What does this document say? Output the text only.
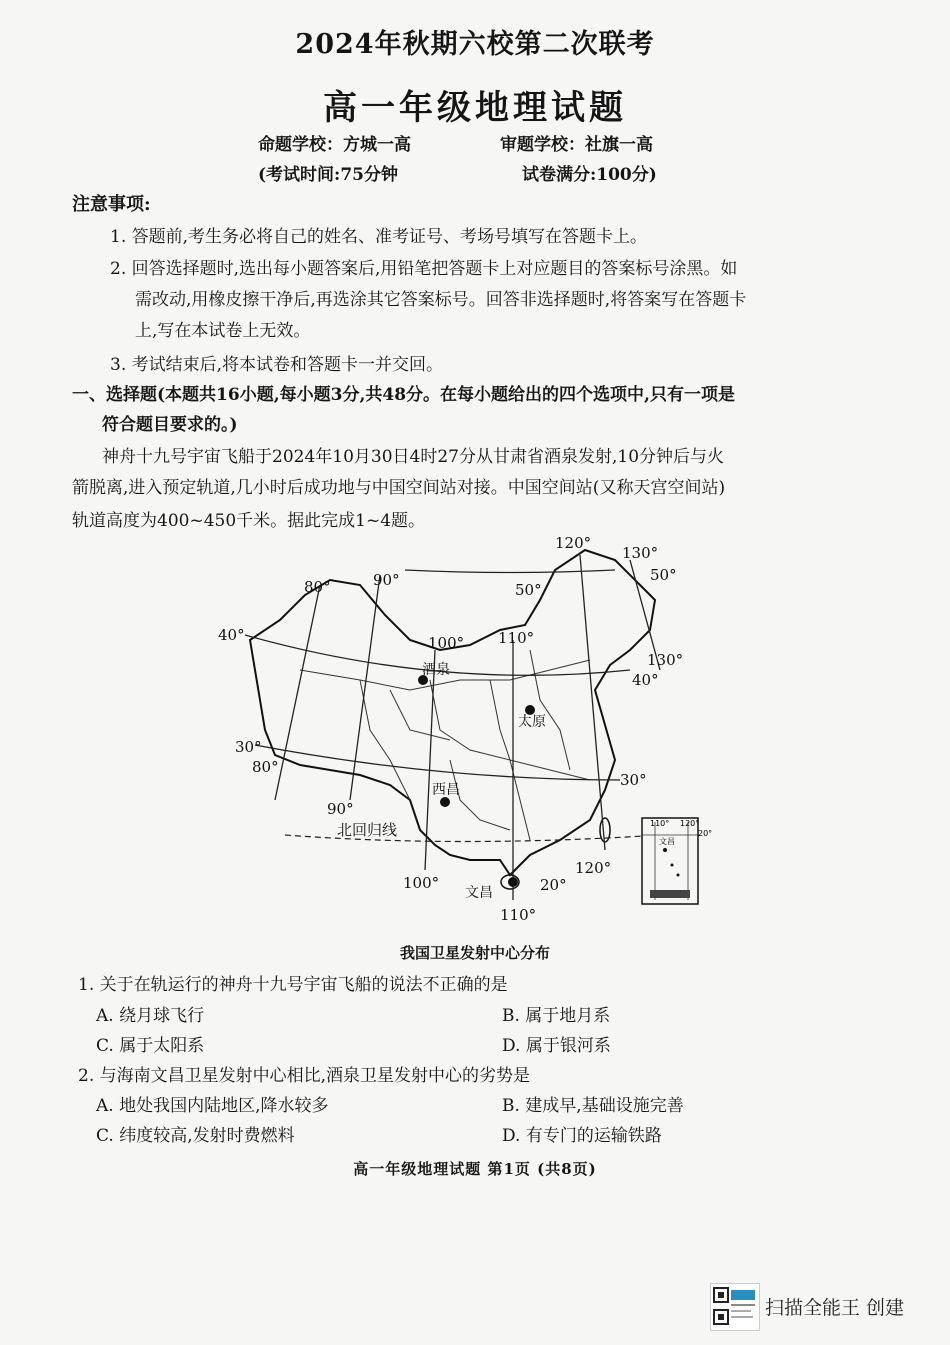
2024年秋期六校第二次联考
高一年级地理试题
命题学校：方城一高	审题学校：社旗一高
(考试时间:75分钟	试卷满分:100分)
注意事项:
1. 答题前,考生务必将自己的姓名、准考证号、考场号填写在答题卡上。
2. 回答选择题时,选出每小题答案后,用铅笔把答题卡上对应题目的答案标号涂黑。如
需改动,用橡皮擦干净后,再选涂其它答案标号。回答非选择题时,将答案写在答题卡
上,写在本试卷上无效。
3. 考试结束后,将本试卷和答题卡一并交回。
一、选择题(本题共16小题,每小题3分,共48分。在每小题给出的四个选项中,只有一项是
符合题目要求的。)
神舟十九号宇宙飞船于2024年10月30日4时27分从甘肃省酒泉发射,10分钟后与火
箭脱离,进入预定轨道,几小时后成功地与中国空间站对接。中国空间站(又称天宫空间站)
轨道高度为400~450千米。据此完成1~4题。
80°	90°
100° 110°
120°
130°
50°
50°
40°
40°
130°
30°
80°
30°
90°
100°
110°
20°
120°
北回归线
酒泉
太原
西昌
文昌
110° 120°
20°
文昌
我国卫星发射中心分布
1. 关于在轨运行的神舟十九号宇宙飞船的说法不正确的是
A. 绕月球飞行	B. 属于地月系
C. 属于太阳系	D. 属于银河系
2. 与海南文昌卫星发射中心相比,酒泉卫星发射中心的劣势是
A. 地处我国内陆地区,降水较多	B. 建成早,基础设施完善
C. 纬度较高,发射时费燃料	D. 有专门的运输铁路
高一年级地理试题 第1页 (共8页)
扫描全能王 创建
